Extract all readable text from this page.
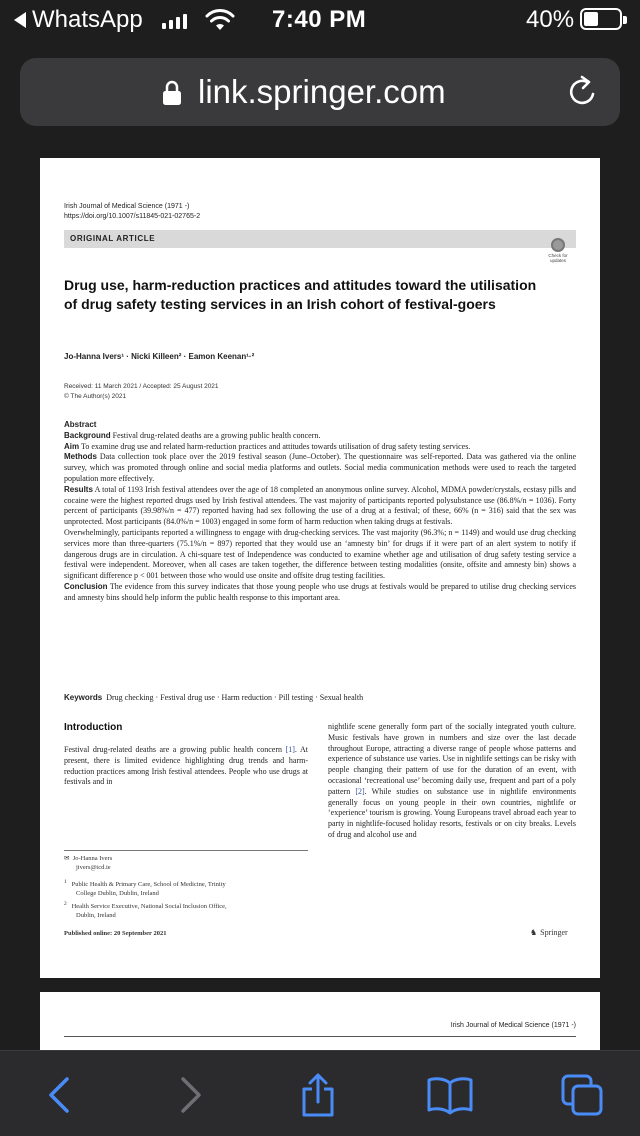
WhatsApp	7:40 PM	40%
link.springer.com
Irish Journal of Medical Science (1971 -)
https://doi.org/10.1007/s11845-021-02765-2
ORIGINAL ARTICLE
Check for updates
Drug use, harm-reduction practices and attitudes toward the utilisation of drug safety testing services in an Irish cohort of festival-goers
Jo-Hanna Ivers¹ · Nicki Killeen² · Eamon Keenan¹·²
Received: 11 March 2021 / Accepted: 25 August 2021
© The Author(s) 2021
Abstract
Background Festival drug-related deaths are a growing public health concern.
Aim To examine drug use and related harm-reduction practices and attitudes towards utilisation of drug safety testing services.
Methods Data collection took place over the 2019 festival season (June–October). The questionnaire was self-reported. Data was gathered via the online survey, which was promoted through online and social media platforms and outlets. Social media communication methods were used to reach the targeted population more effectively.
Results A total of 1193 Irish festival attendees over the age of 18 completed an anonymous online survey. Alcohol, MDMA powder/crystals, ecstasy pills and cocaine were the highest reported drugs used by Irish festival attendees. The vast majority of participants reported polysubstance use (86.8%/n = 1036). Forty percent of participants (39.98%/n = 477) reported having had sex following the use of a drug at a festival; of these, 66% (n = 316) said that the sex was unprotected. Most participants (84.0%/n = 1003) engaged in some form of harm reduction when taking drugs at festivals.
Overwhelmingly, participants reported a willingness to engage with drug-checking services. The vast majority (96.3%; n = 1149) and would use drug checking services more than three-quarters (75.1%/n = 897) reported that they would use an ‘amnesty bin’ for drugs if it were part of an alert system to notify if dangerous drugs are in circulation. A chi-square test of Independence was conducted to examine whether age and utilisation of drug safety testing service a festival were independent. Moreover, when all cases are taken together, the difference between testing modalities (onsite, offsite and amnesty bin) shows a significant difference p < 001 between those who would use onsite and offsite drug testing facilities.
Conclusion The evidence from this survey indicates that those young people who use drugs at festivals would be prepared to utilise drug checking services and amnesty bins should help inform the public health response to this important area.
Keywords Drug checking · Festival drug use · Harm reduction · Pill testing · Sexual health
Introduction
Festival drug-related deaths are a growing public health concern [1]. At present, there is limited evidence highlighting drug trends and harm-reduction practices among Irish festival attendees. People who use drugs at festivals and in
nightlife scene generally form part of the socially integrated youth culture. Music festivals have grown in numbers and size over the last decade throughout Europe, attracting a diverse range of people whose patterns and experience of substance use varies. Use in nightlife settings can be risky with people changing their pattern of use for the duration of an event, with occasional ‘recreational use’ becoming daily use, frequent and part of a poly pattern [2]. While studies on substance use in nightlife environments generally focus on young people in their own countries, nightlife or ‘experience’ tourism is growing. Young Europeans travel abroad each year to party in nightlife-focused holiday resorts, festivals or on city breaks. Levels of drug and alcohol use and
✉  Jo-Hanna Ivers
jivers@tcd.ie
$^1$ Public Health & Primary Care, School of Medicine, Trinity
College Dublin, Dublin, Ireland
$^2$ Health Service Executive, National Social Inclusion Office,
Dublin, Ireland
Published online: 20 September 2021	♞ Springer
Irish Journal of Medical Science (1971 -)
